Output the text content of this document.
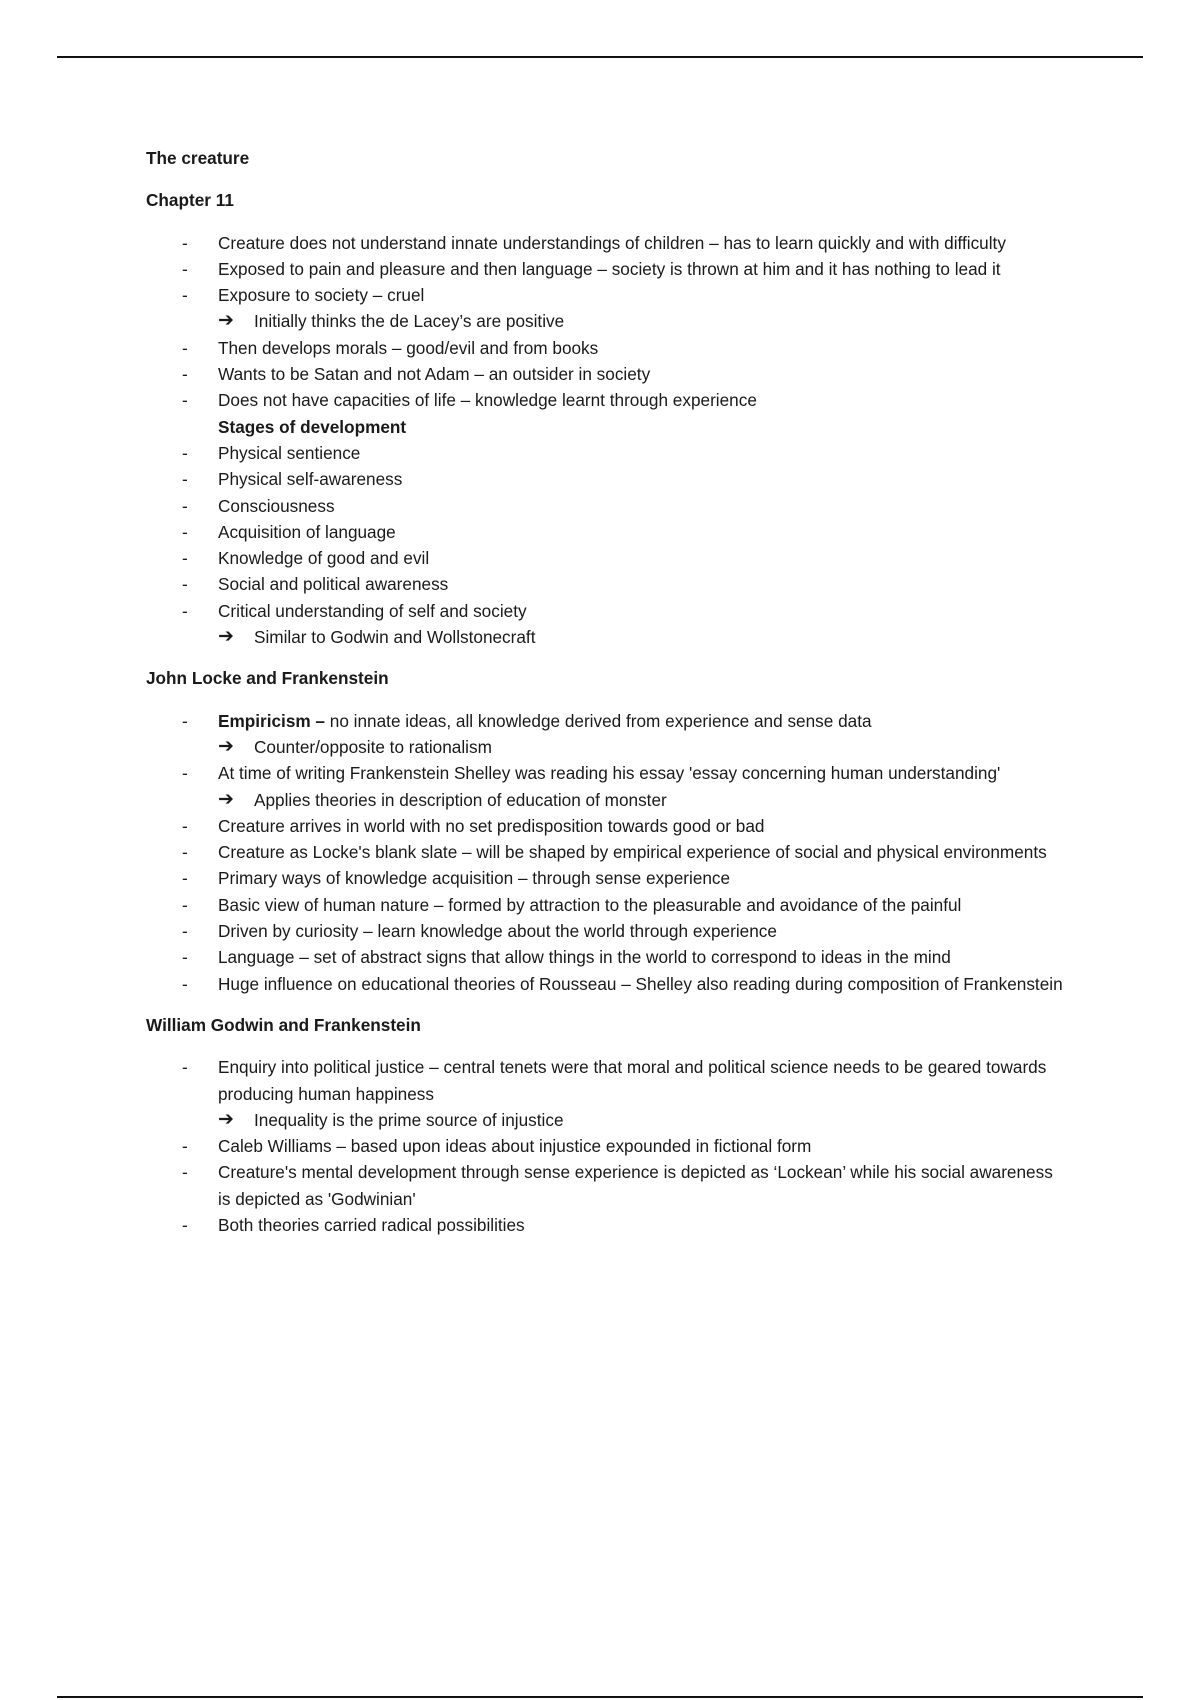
The creature

Chapter 11

- Creature does not understand innate understandings of children – has to learn quickly and with difficulty
- Exposed to pain and pleasure and then language – society is thrown at him and it has nothing to lead it
- Exposure to society – cruel
➔ Initially thinks the de Lacey’s are positive
- Then develops morals – good/evil and from books
- Wants to be Satan and not Adam – an outsider in society
- Does not have capacities of life – knowledge learnt through experience
Stages of development
- Physical sentience
- Physical self-awareness
- Consciousness
- Acquisition of language
- Knowledge of good and evil
- Social and political awareness
- Critical understanding of self and society
➔ Similar to Godwin and Wollstonecraft

John Locke and Frankenstein

- Empiricism – no innate ideas, all knowledge derived from experience and sense data
➔ Counter/opposite to rationalism
- At time of writing Frankenstein Shelley was reading his essay 'essay concerning human understanding'
➔ Applies theories in description of education of monster
- Creature arrives in world with no set predisposition towards good or bad
- Creature as Locke's blank slate – will be shaped by empirical experience of social and physical environments
- Primary ways of knowledge acquisition – through sense experience
- Basic view of human nature – formed by attraction to the pleasurable and avoidance of the painful
- Driven by curiosity – learn knowledge about the world through experience
- Language – set of abstract signs that allow things in the world to correspond to ideas in the mind
- Huge influence on educational theories of Rousseau – Shelley also reading during composition of Frankenstein

William Godwin and Frankenstein

- Enquiry into political justice – central tenets were that moral and political science needs to be geared towards producing human happiness
➔ Inequality is the prime source of injustice
- Caleb Williams – based upon ideas about injustice expounded in fictional form
- Creature's mental development through sense experience is depicted as ‘Lockean’ while his social awareness is depicted as 'Godwinian'
- Both theories carried radical possibilities
